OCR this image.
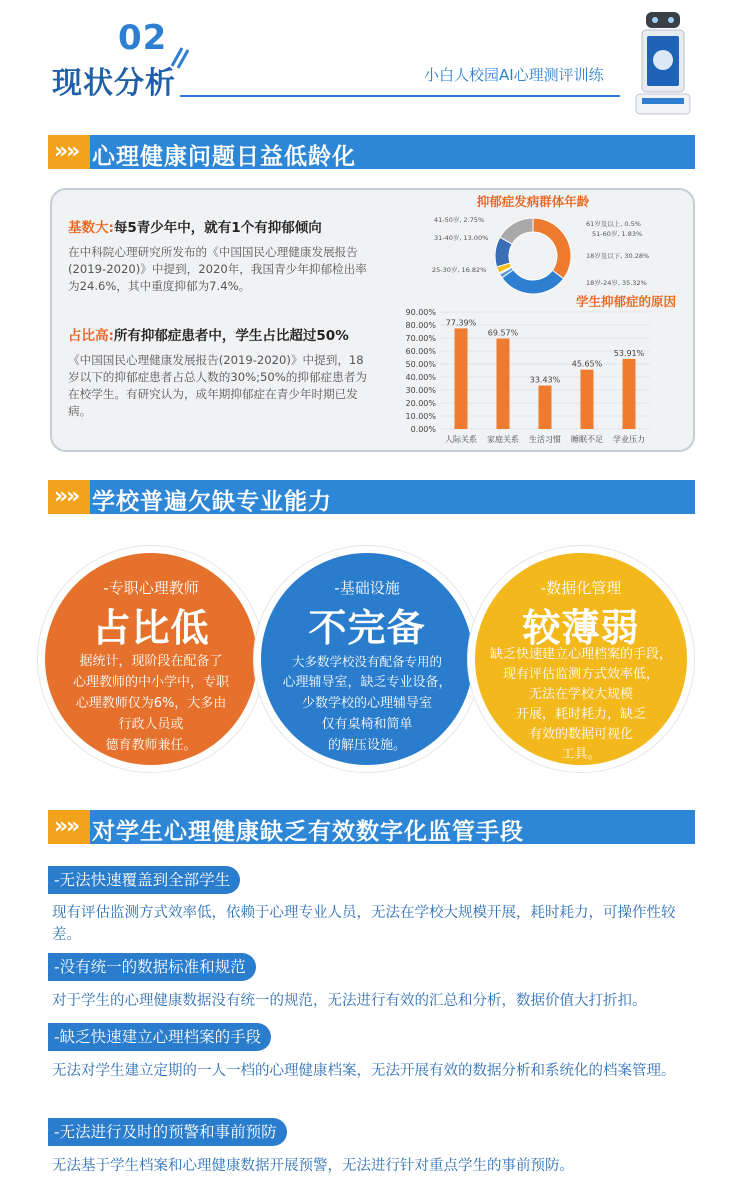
02
现状分析	小白人校园AI心理测评训练
»
» 心理健康问题日益低龄化
基数大:每5青少年中，就有1个有抑郁倾向
在中科院心理研究所发布的《中国国民心理健康发展报告(2019-2020)》中提到，2020年，我国青少年抑郁检出率为24.6%，其中重度抑郁为7.4%。
占比高:所有抑郁症患者中，学生占比超过50%
《中国国民心理健康发展报告(2019-2020)》中提到，18岁以下的抑郁症患者占总人数的30%;50%的抑郁症患者为在校学生。有研究认为，成年期抑郁症在青少年时期已发病。
抑郁症发病群体年龄
41-50岁, 2.75%
31-40岁, 13.00%
25-30岁, 16.82%
18岁-24岁, 35.32%
18岁及以下, 30.28%
51-60岁, 1.83%
61岁及以上, 0.5%
学生抑郁症的原因
0.00%
10.00%
20.00%
30.00%
40.00%
50.00%
60.00%
70.00%
80.00%
90.00%
77.39%
人际关系
69.57%
家庭关系
33.43%
生活习惯
45.65%
睡眠不足
53.91%
学业压力
»
» 学校普遍欠缺专业能力
-专职心理教师
占比低
据统计，现阶段在配备了
心理教师的中小学中，专职
心理教师仅为6%，大多由
行政人员或
德育教师兼任。
-基础设施
不完备
大多数学校没有配备专用的
心理辅导室，缺乏专业设备，
少数学校的心理辅导室
仅有桌椅和简单
的解压设施。
-数据化管理
较薄弱
缺乏快速建立心理档案的手段，
现有评估监测方式效率低，
无法在学校大规模
开展，耗时耗力，缺乏
有效的数据可视化
工具。
»
» 对学生心理健康缺乏有效数字化监管手段
-无法快速覆盖到全部学生
现有评估监测方式效率低，依赖于心理专业人员，无法在学校大规模开展，耗时耗力，可操作性较差。
-没有统一的数据标准和规范
对于学生的心理健康数据没有统一的规范，无法进行有效的汇总和分析，数据价值大打折扣。
-缺乏快速建立心理档案的手段
无法对学生建立定期的一人一档的心理健康档案，无法开展有效的数据分析和系统化的档案管理。
-无法进行及时的预警和事前预防
无法基于学生档案和心理健康数据开展预警，无法进行针对重点学生的事前预防。
